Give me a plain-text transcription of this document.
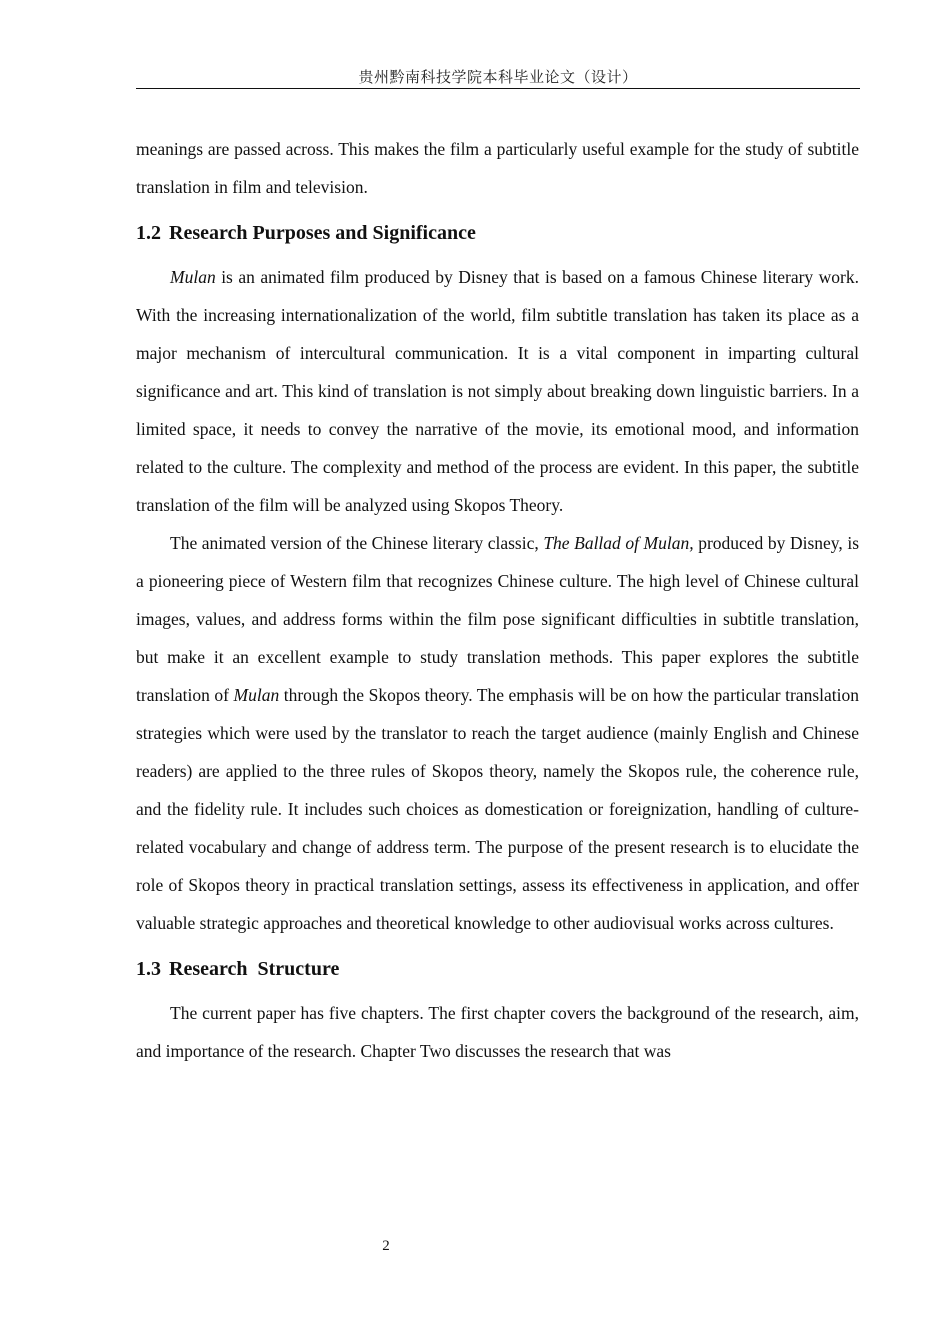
贵州黔南科技学院本科毕业论文（设计）

meanings are passed across. This makes the film a particularly useful example for the study of subtitle translation in film and television.

1.2 Research Purposes and Significance

Mulan is an animated film produced by Disney that is based on a famous Chinese literary work. With the increasing internationalization of the world, film subtitle translation has taken its place as a major mechanism of intercultural communication. It is a vital component in imparting cultural significance and art. This kind of translation is not simply about breaking down linguistic barriers. In a limited space, it needs to convey the narrative of the movie, its emotional mood, and information related to the culture. The complexity and method of the process are evident. In this paper, the subtitle translation of the film will be analyzed using Skopos Theory.

The animated version of the Chinese literary classic, The Ballad of Mulan, produced by Disney, is a pioneering piece of Western film that recognizes Chinese culture. The high level of Chinese cultural images, values, and address forms within the film pose significant difficulties in subtitle translation, but make it an excellent example to study translation methods. This paper explores the subtitle translation of Mulan through the Skopos theory. The emphasis will be on how the particular translation strategies which were used by the translator to reach the target audience (mainly English and Chinese readers) are applied to the three rules of Skopos theory, namely the Skopos rule, the coherence rule, and the fidelity rule. It includes such choices as domestication or foreignization, handling of culture-related vocabulary and change of address term. The purpose of the present research is to elucidate the role of Skopos theory in practical translation settings, assess its effectiveness in application, and offer valuable strategic approaches and theoretical knowledge to other audiovisual works across cultures.

1.3 Research  Structure

The current paper has five chapters. The first chapter covers the background of the research, aim, and importance of the research. Chapter Two discusses the research that was

2
